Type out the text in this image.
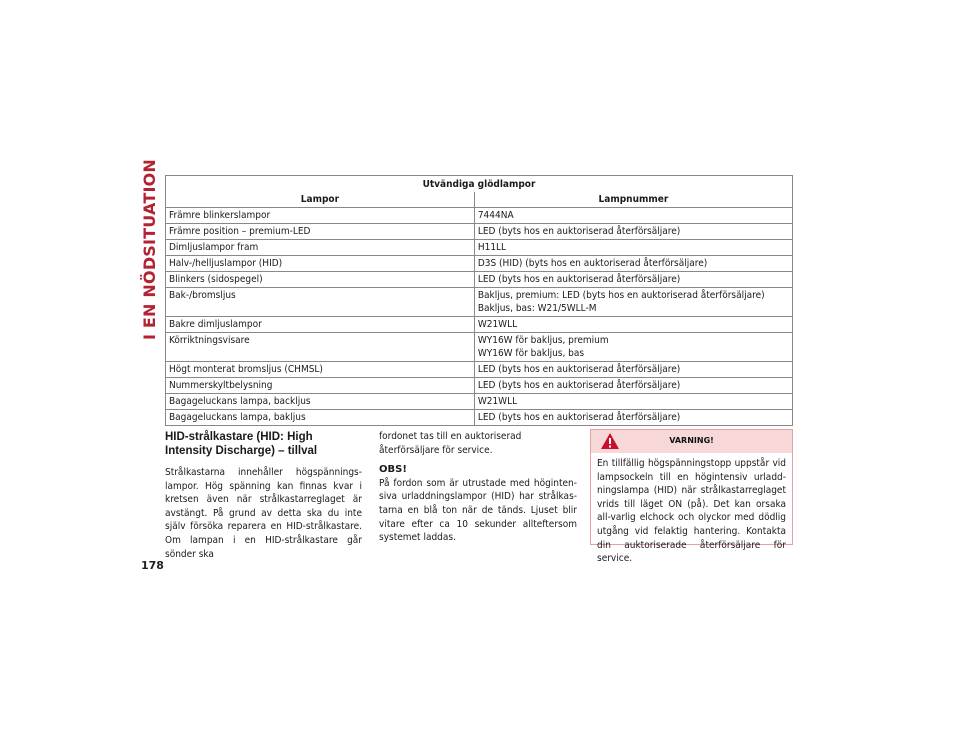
I EN NÖDSITUATION	Utvändiga glödlampor	
Lampor	Lampnummer
Främre blinkerslampor	7444NA
Främre position – premium-LED	LED (byts hos en auktoriserad återförsäljare)
Dimljuslampor fram	H11LL
Halv-/helljuslampor (HID)	D3S (HID) (byts hos en auktoriserad återförsäljare)
Blinkers (sidospegel)	LED (byts hos en auktoriserad återförsäljare)
Bak-/bromsljus	Bakljus, premium: LED (byts hos en auktoriserad återförsäljare)
Bakljus, bas: W21/5WLL-M
Bakre dimljuslampor	W21WLL
Körriktningsvisare	WY16W för bakljus, premium
WY16W för bakljus, bas
Högt monterat bromsljus (CHMSL)	LED (byts hos en auktoriserad återförsäljare)
Nummerskyltbelysning	LED (byts hos en auktoriserad återförsäljare)
Bagageluckans lampa, backljus	W21WLL
Bagageluckans lampa, bakljus	LED (byts hos en auktoriserad återförsäljare)

HID-strålkastare (HID: High Intensity Discharge) – tillval

Strålkastarna innehåller högspännings-lampor. Hög spänning kan finnas kvar i kretsen även när strålkastarreglaget är avstängt. På grund av detta ska du inte själv försöka reparera en HID-strålkastare. Om lampan i en HID-strålkastare går sönder ska

fordonet tas till en auktoriserad återförsäljare för service.

OBS!

På fordon som är utrustade med höginten-siva urladdningslampor (HID) har strålkas-tarna en blå ton när de tänds. Ljuset blir vitare efter ca 10 sekunder allteftersom systemet laddas.

VARNING!
En tillfällig högspänningstopp uppstår vid lampsockeln till en högintensiv urladd-ningslampa (HID) när strålkastarreglaget vrids till läget ON (på). Det kan orsaka all-varlig elchock och olyckor med dödlig utgång vid felaktig hantering. Kontakta din auktoriserade återförsäljare för service.
178
